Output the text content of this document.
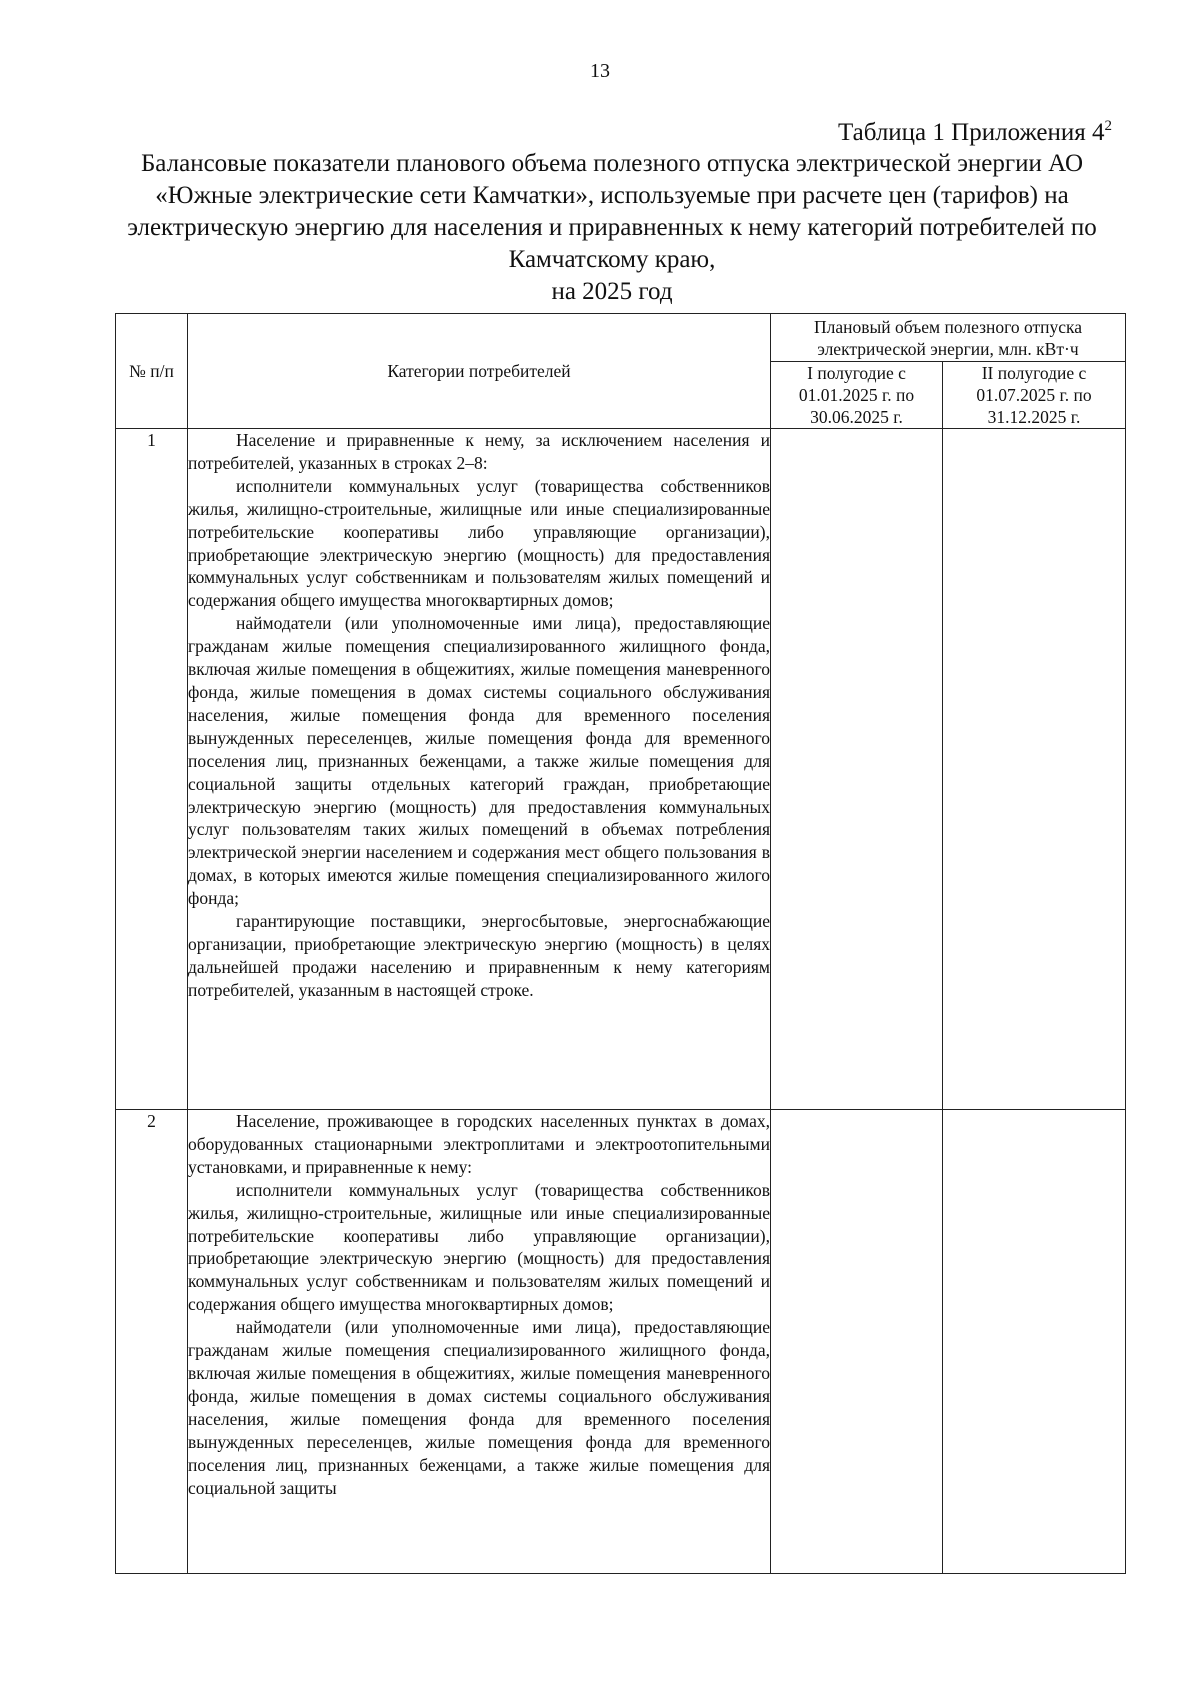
13
Таблица 1 Приложения $4^2$
Балансовые показатели планового объема полезного отпуска электрической энергии АО «Южные электрические сети Камчатки», используемые при расчете цен (тарифов) на электрическую энергию для населения и приравненных к нему категорий потребителей по Камчатскому краю,
на 2025 год
№ п/п	Категории потребителей	Плановый объем полезного отпуска электрической энергии, млн. кВт·ч	
		I полугодие с 01.01.2025 г. по 30.06.2025 г.	II полугодие с 01.07.2025 г. по 31.12.2025 г.
1	Население и приравненные к нему, за исключением населения и потребителей, указанных в строках 2–8:

исполнители коммунальных услуг (товарищества собственников жилья, жилищно-строительные, жилищные или иные специализированные потребительские кооперативы либо управляющие организации), приобретающие электрическую энергию (мощность) для предоставления коммунальных услуг собственникам и пользователям жилых помещений и содержания общего имущества многоквартирных домов;

наймодатели (или уполномоченные ими лица), предоставляющие гражданам жилые помещения специализированного жилищного фонда, включая жилые помещения в общежитиях, жилые помещения маневренного фонда, жилые помещения в домах системы социального обслуживания населения, жилые помещения фонда для временного поселения вынужденных переселенцев, жилые помещения фонда для временного поселения лиц, признанных беженцами, а также жилые помещения для социальной защиты отдельных категорий граждан, приобретающие электрическую энергию (мощность) для предоставления коммунальных услуг пользователям таких жилых помещений в объемах потребления электрической энергии населением и содержания мест общего пользования в домах, в которых имеются жилые помещения специализированного жилого фонда;

гарантирующие поставщики, энергосбытовые, энергоснабжающие организации, приобретающие электрическую энергию (мощность) в целях дальнейшей продажи населению и приравненным к нему категориям потребителей, указанным в настоящей строке.		

2	Население, проживающее в городских населенных пунктах в домах, оборудованных стационарными электроплитами и электроотопительными установками, и приравненные к нему:

исполнители коммунальных услуг (товарищества собственников жилья, жилищно-строительные, жилищные или иные специализированные потребительские кооперативы либо управляющие организации), приобретающие электрическую энергию (мощность) для предоставления коммунальных услуг собственникам и пользователям жилых помещений и содержания общего имущества многоквартирных домов;

наймодатели (или уполномоченные ими лица), предоставляющие гражданам жилые помещения специализированного жилищного фонда, включая жилые помещения в общежитиях, жилые помещения маневренного фонда, жилые помещения в домах системы социального обслуживания населения, жилые помещения фонда для временного поселения вынужденных переселенцев, жилые помещения фонда для временного поселения лиц, признанных беженцами, а также жилые помещения для социальной защиты		
